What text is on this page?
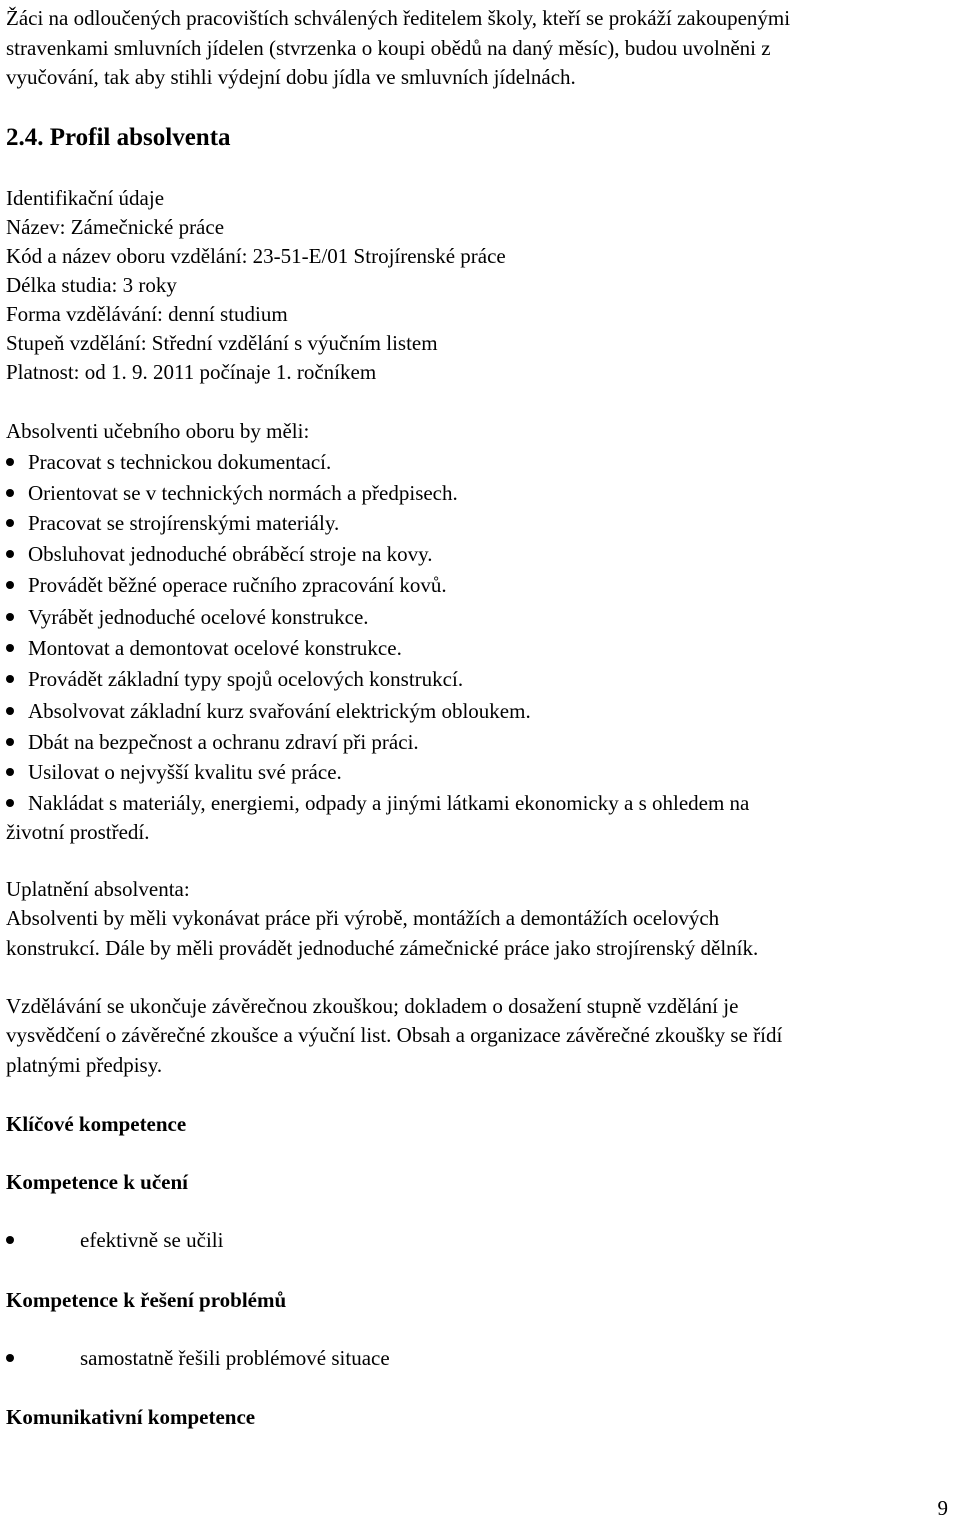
Žáci na odloučených pracovištích schválených ředitelem školy, kteří se prokáží zakoupenými
stravenkami smluvních jídelen (stvrzenka o koupi obědů na daný měsíc), budou uvolněni z
vyučování, tak aby stihli výdejní dobu jídla ve smluvních jídelnách.
2.4. Profil absolventa
Identifikační údaje
Název: Zámečnické práce
Kód a název oboru vzdělání: 23-51-E/01 Strojírenské práce
Délka studia: 3 roky
Forma vzdělávání: denní studium
Stupeň vzdělání: Střední vzdělání s výučním listem
Platnost: od 1. 9. 2011 počínaje 1. ročníkem
Absolventi učebního oboru by měli:
Pracovat s technickou dokumentací.
Orientovat se v technických normách a předpisech.
Pracovat se strojírenskými materiály.
Obsluhovat jednoduché obráběcí stroje na kovy.
Provádět běžné operace ručního zpracování kovů.
Vyrábět jednoduché ocelové konstrukce.
Montovat a demontovat ocelové konstrukce.
Provádět základní typy spojů ocelových konstrukcí.
Absolvovat základní kurz svařování elektrickým obloukem.
Dbát na bezpečnost a ochranu zdraví při práci.
Usilovat o nejvyšší kvalitu své práce.
Nakládat s materiály, energiemi, odpady a jinými látkami ekonomicky a s ohledem na
životní prostředí.
Uplatnění absolventa:
Absolventi by měli vykonávat práce při výrobě, montážích a demontážích ocelových
konstrukcí. Dále by měli provádět jednoduché zámečnické práce jako strojírenský dělník.
Vzdělávání se ukončuje závěrečnou zkouškou; dokladem o dosažení stupně vzdělání je
vysvědčení o závěrečné zkoušce a výuční list. Obsah a organizace závěrečné zkoušky se řídí
platnými předpisy.
Klíčové kompetence
Kompetence k učení
efektivně se učili
Kompetence k řešení problémů
samostatně řešili problémové situace
Komunikativní kompetence
9
